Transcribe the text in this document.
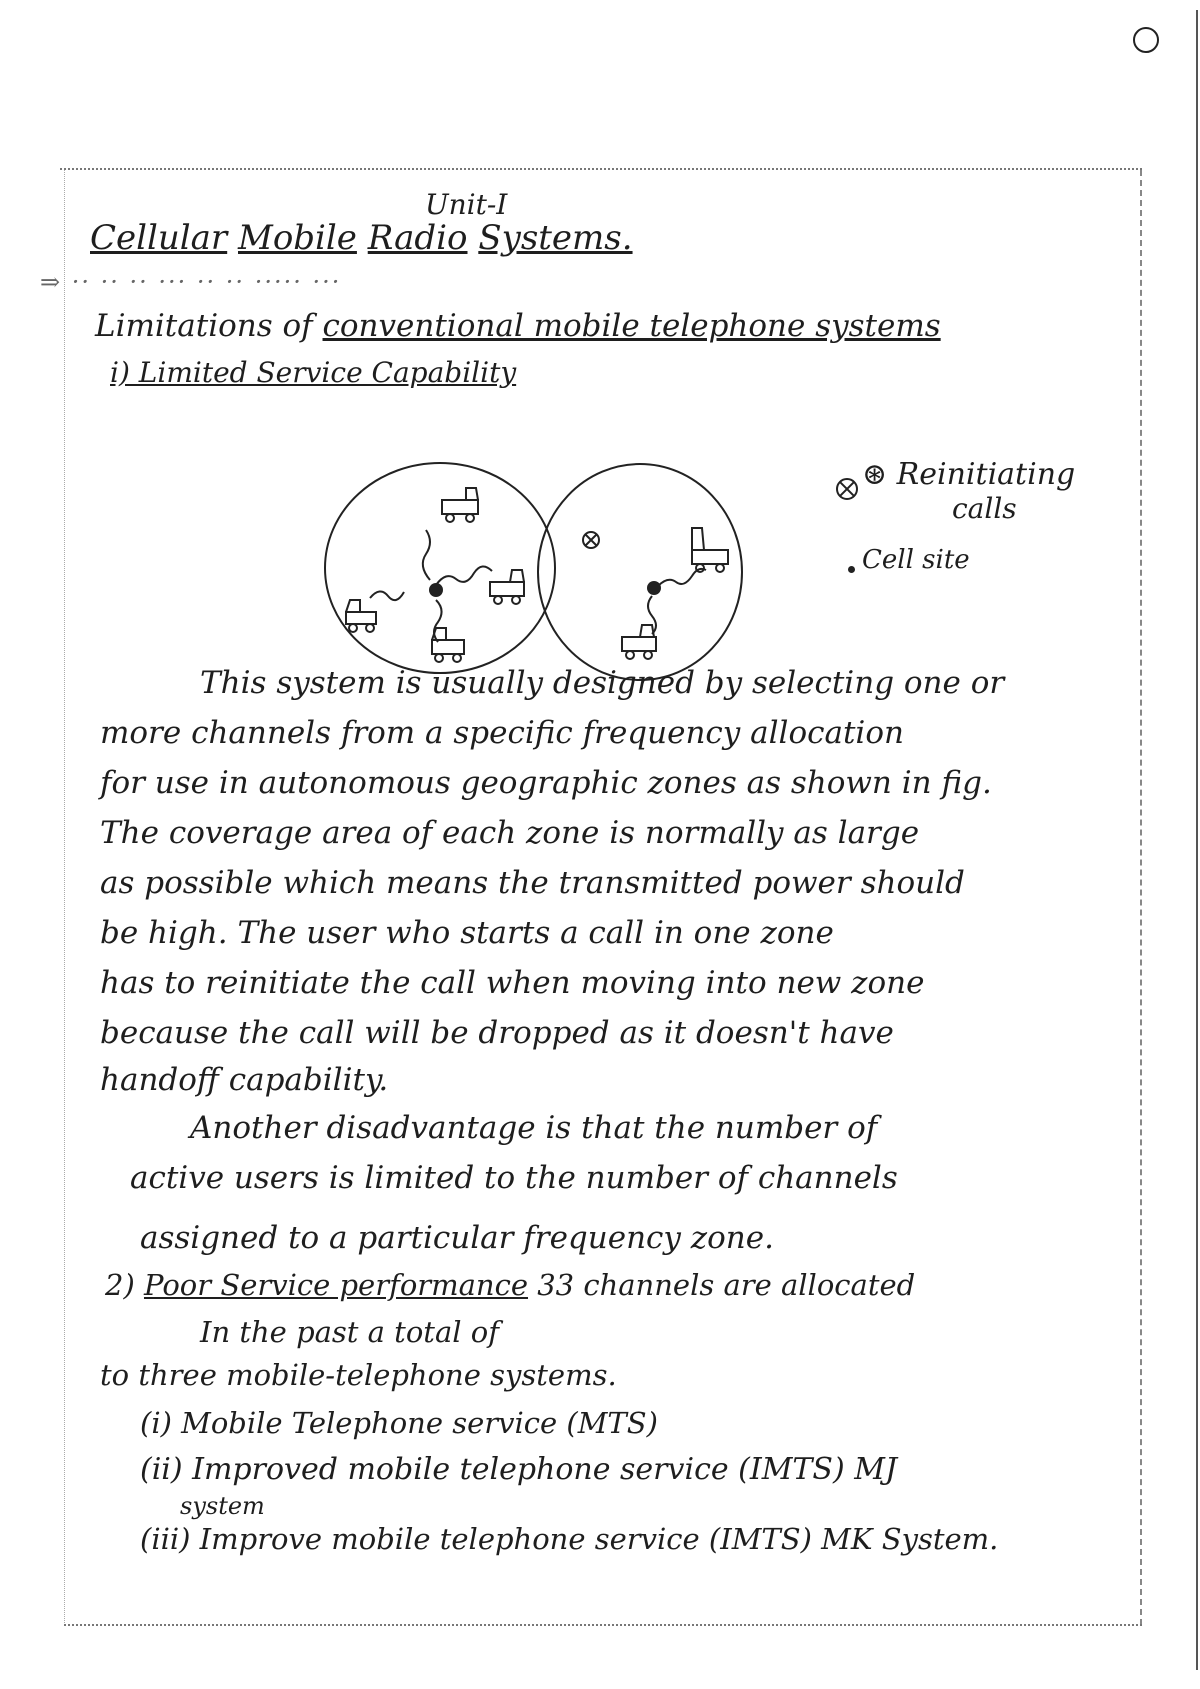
Unit-I
Cellular Mobile Radio Systems.
⇒ ·· ·· ·· ··· ·· ·· ····· ···
Limitations of conventional mobile telephone systems
i) Limited Service Capability
⊛ Reinitiating
calls
Cell site
This system is usually designed by selecting one or
more channels from a specific frequency allocation
for use in autonomous geographic zones as shown in fig.
The coverage area of each zone is normally as large
as possible which means the transmitted power should
be high. The user who starts a call in one zone
has to reinitiate the call when moving into new zone
because the call will be dropped as it doesn't have
handoff capability.
Another disadvantage is that the number of
active users is limited to the number of channels
assigned to a particular frequency zone.
2) Poor Service performance 33 channels are allocated
In the past a total of
to three mobile-telephone systems.
(i) Mobile Telephone service (MTS)
(ii) Improved mobile telephone service (IMTS) MJ
system
(iii) Improve mobile telephone service (IMTS) MK System.
